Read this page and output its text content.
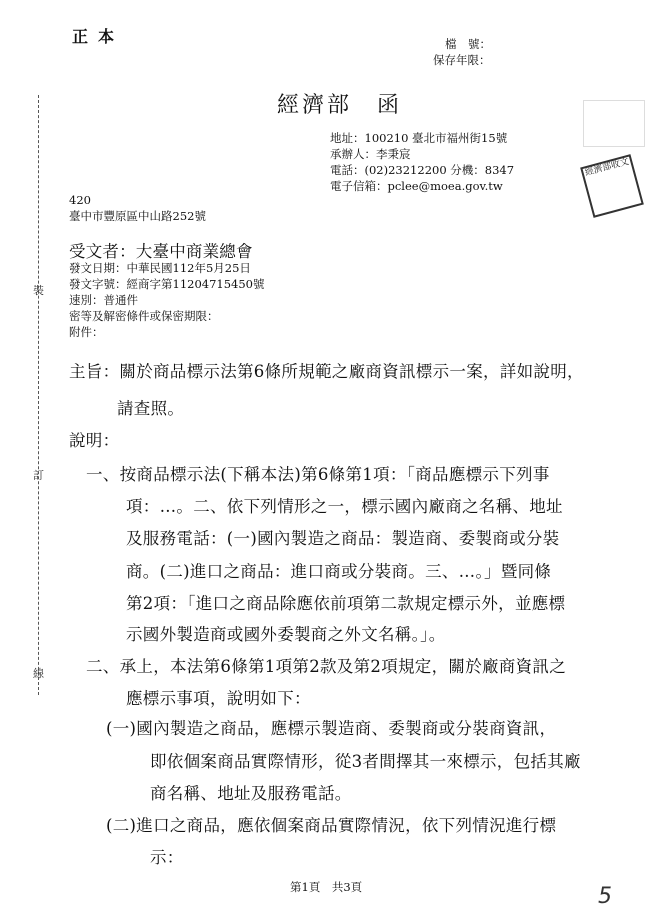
裝
訂
線
正本	檔　號：
保存年限：
經濟部　函
經濟部收文
地址：100210 臺北市福州街15號
承辦人：李秉宸
電話：(02)23212200 分機：8347
電子信箱：pclee@moea.gov.tw
420
臺中市豐原區中山路252號
受文者：大臺中商業總會
發文日期：中華民國112年5月25日
發文字號：經商字第11204715450號
速別：普通件
密等及解密條件或保密期限：
附件：
主旨：關於商品標示法第6條所規範之廠商資訊標示一案，詳如說明，
請查照。
說明：
一、按商品標示法(下稱本法)第6條第1項：「商品應標示下列事
項：…。二、依下列情形之一，標示國內廠商之名稱、地址
及服務電話：(一)國內製造之商品：製造商、委製商或分裝
商。(二)進口之商品：進口商或分裝商。三、…。」暨同條
第2項：「進口之商品除應依前項第二款規定標示外，並應標
示國外製造商或國外委製商之外文名稱。」。
二、承上，本法第6條第1項第2款及第2項規定，關於廠商資訊之
應標示事項，說明如下：
(一)國內製造之商品，應標示製造商、委製商或分裝商資訊，
即依個案商品實際情形，從3者間擇其一來標示，包括其廠
商名稱、地址及服務電話。
(二)進口之商品，應依個案商品實際情況，依下列情況進行標
示：
第1頁　共3頁	5
